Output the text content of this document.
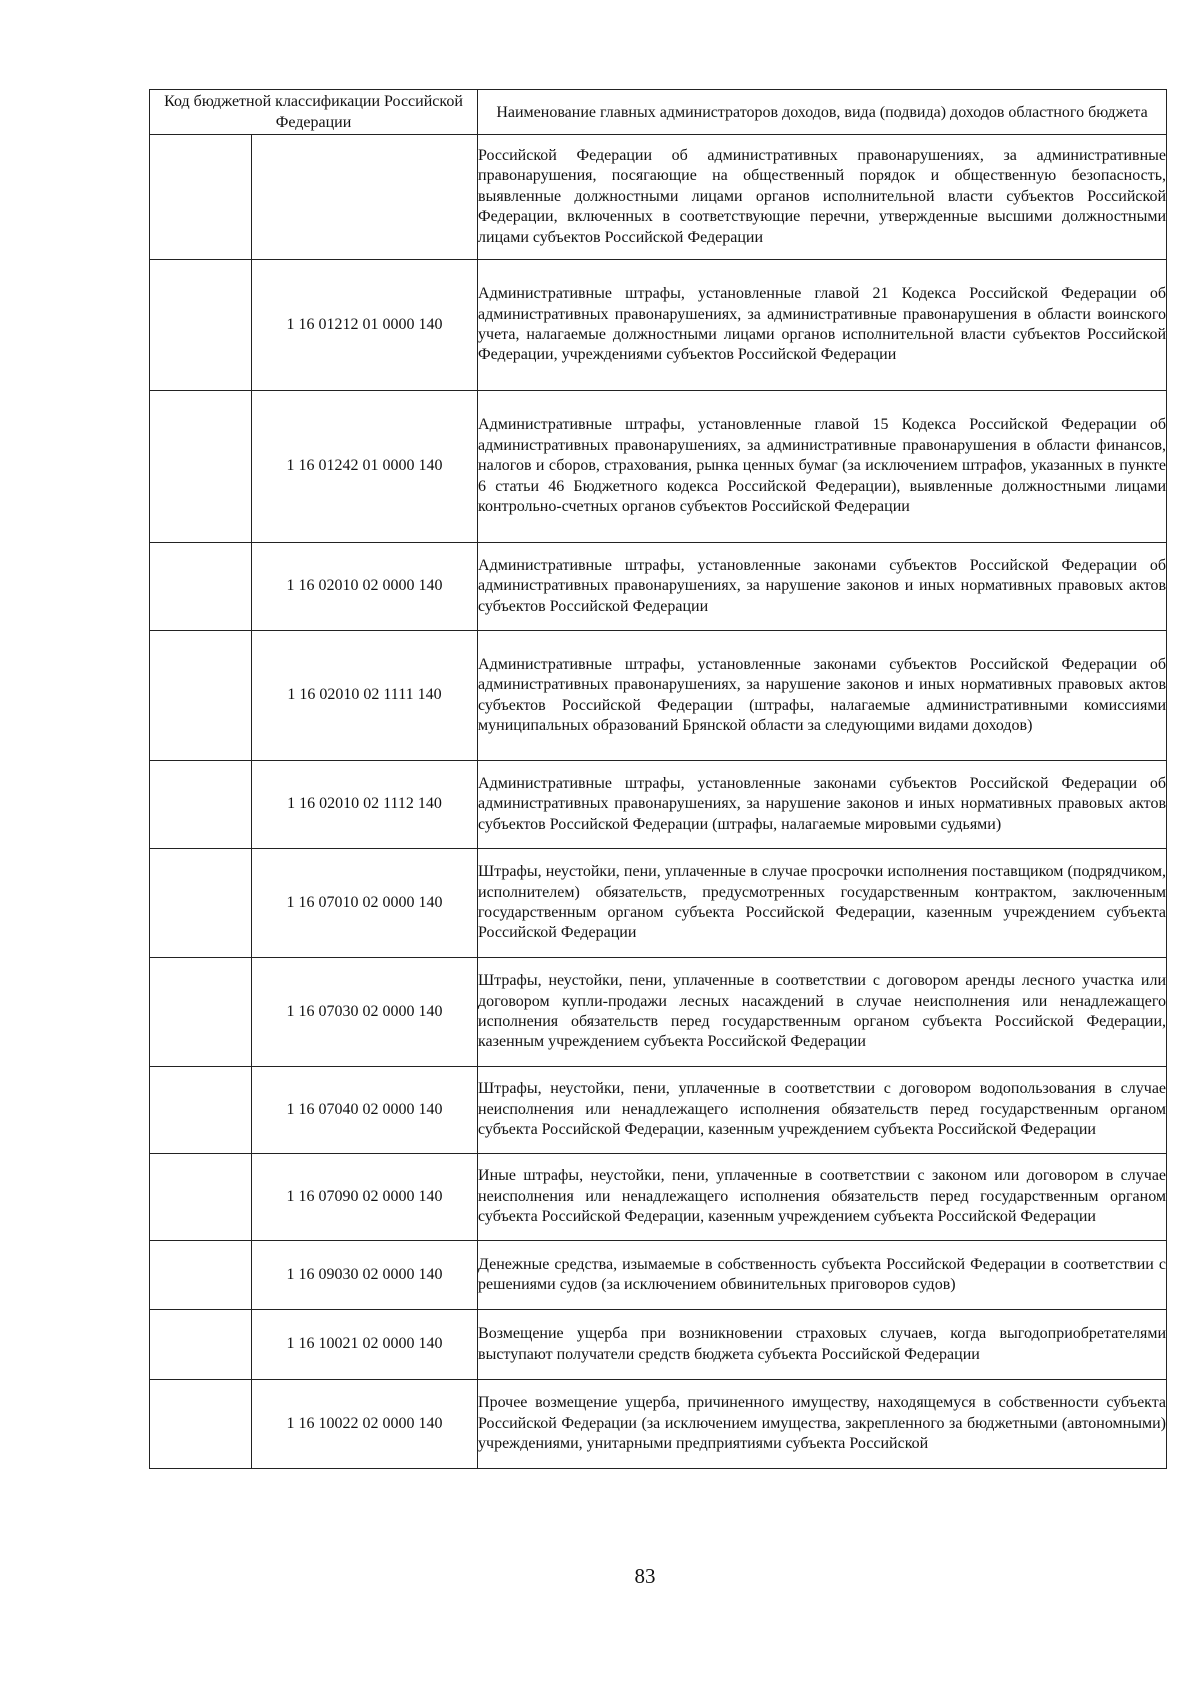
Код бюджетной классификации Российской Федерации		Наименование главных администраторов доходов, вида (подвида) доходов областного бюджета
		Российской Федерации об административных правонарушениях, за административные правонарушения, посягающие на общественный порядок и общественную безопасность, выявленные должностными лицами органов исполнительной власти субъектов Российской Федерации, включенных в соответствующие перечни, утвержденные высшими должностными лицами субъектов Российской Федерации
	1 16 01212 01 0000 140	Административные штрафы, установленные главой 21 Кодекса Российской Федерации об административных правонарушениях, за административные правонарушения в области воинского учета, налагаемые должностными лицами органов исполнительной власти субъектов Российской Федерации, учреждениями субъектов Российской Федерации
	1 16 01242 01 0000 140	Административные штрафы, установленные главой 15 Кодекса Российской Федерации об административных правонарушениях, за административные правонарушения в области финансов, налогов и сборов, страхования, рынка ценных бумаг (за исключением штрафов, указанных в пункте 6 статьи 46 Бюджетного кодекса Российской Федерации), выявленные должностными лицами контрольно-счетных органов субъектов Российской Федерации
	1 16 02010 02 0000 140	Административные штрафы, установленные законами субъектов Российской Федерации об административных правонарушениях, за нарушение законов и иных нормативных правовых актов субъектов Российской Федерации
	1 16 02010 02 1111 140	Административные штрафы, установленные законами субъектов Российской Федерации об административных правонарушениях, за нарушение законов и иных нормативных правовых актов субъектов Российской Федерации (штрафы, налагаемые административными комиссиями муниципальных образований Брянской области за следующими видами доходов)
	1 16 02010 02 1112 140	Административные штрафы, установленные законами субъектов Российской Федерации об административных правонарушениях, за нарушение законов и иных нормативных правовых актов субъектов Российской Федерации (штрафы, налагаемые мировыми судьями)
	1 16 07010 02 0000 140	Штрафы, неустойки, пени, уплаченные в случае просрочки исполнения поставщиком (подрядчиком, исполнителем) обязательств, предусмотренных государственным контрактом, заключенным государственным органом субъекта Российской Федерации, казенным учреждением субъекта Российской Федерации
	1 16 07030 02 0000 140	Штрафы, неустойки, пени, уплаченные в соответствии с договором аренды лесного участка или договором купли-продажи лесных насаждений в случае неисполнения или ненадлежащего исполнения обязательств перед государственным органом субъекта Российской Федерации, казенным учреждением субъекта Российской Федерации
	1 16 07040 02 0000 140	Штрафы, неустойки, пени, уплаченные в соответствии с договором водопользования в случае неисполнения или ненадлежащего исполнения обязательств перед государственным органом субъекта Российской Федерации, казенным учреждением субъекта Российской Федерации
	1 16 07090 02 0000 140	Иные штрафы, неустойки, пени, уплаченные в соответствии с законом или договором в случае неисполнения или ненадлежащего исполнения обязательств перед государственным органом субъекта Российской Федерации, казенным учреждением субъекта Российской Федерации
	1 16 09030 02 0000 140	Денежные средства, изымаемые в собственность субъекта Российской Федерации в соответствии с решениями судов (за исключением обвинительных приговоров судов)
	1 16 10021 02 0000 140	Возмещение ущерба при возникновении страховых случаев, когда выгодоприобретателями выступают получатели средств бюджета субъекта Российской Федерации
	1 16 10022 02 0000 140	Прочее возмещение ущерба, причиненного имуществу, находящемуся в собственности субъекта Российской Федерации (за исключением имущества, закрепленного за бюджетными (автономными) учреждениями, унитарными предприятиями субъекта Российской
83
